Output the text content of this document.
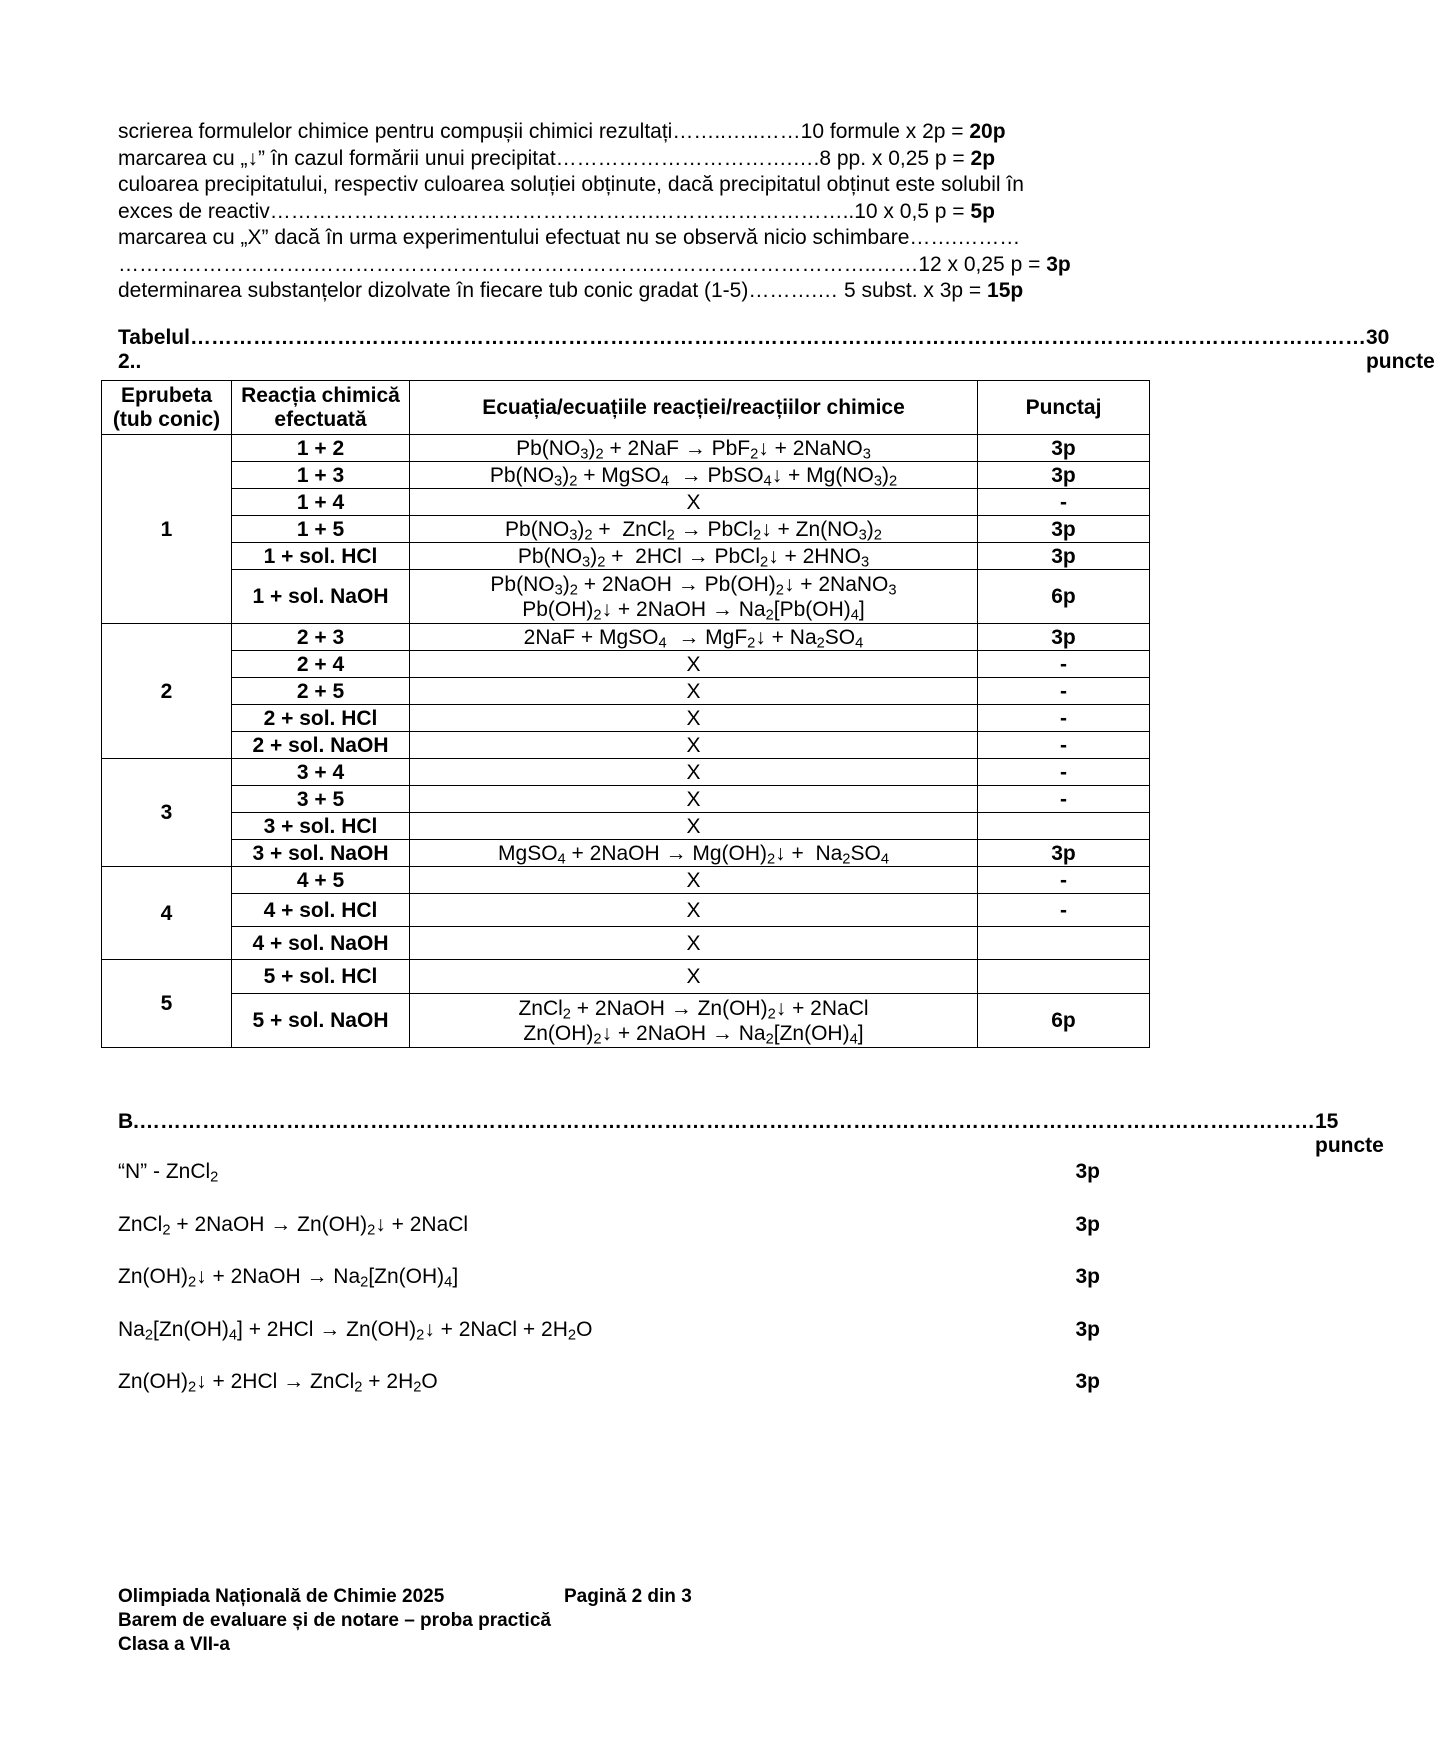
scrierea formulelor chimice pentru compușii chimici rezultați……..…..……10 formule x 2p = 20p
marcarea cu „↓” în cazul formării unui precipitat…………………………….….8 pp. x 0,25 p = 2p
culoarea precipitatului, respectiv culoarea soluției obținute, dacă precipitatul obținut este solubil în
exces de reactiv……………………………………………….………………………..10 x 0,5 p = 5p
marcarea cu „X” dacă în urma experimentului efectuat nu se observă nicio schimbare…….………
……………………….………………………………………….…………………………..……12 x 0,25 p = 3p
determinarea substanțelor dizolvate în fiecare tub conic gradat (1-5)……….… 5 subst. x 3p = 15p
Tabelul 2..
…………………………………………………………………………………………………………………………………………………… 30 puncte
Eprubeta (tub conic)	Reacția chimică efectuată	Ecuația/ecuațiile reacției/reacțiilor chimice	Punctaj
1	1 + 2	$Pb(NO_3)_2 + 2NaF$ → PbF$_2$↓ + 2NaNO$_3$	3p
	1 + 3	$Pb(NO_3)_2$ + MgSO$_4$  → PbSO$_4$↓ + $Mg(NO_3)_2$	3p
	1 + 4	X	-
	1 + 5	$Pb(NO_3)_2$ +  ZnCl$_2$ → PbCl$_2$↓ + $Zn(NO_3)_2$	3p
	1 + sol. HCl	$Pb(NO_3)_2 + 2HCl$ → PbCl$_2$↓ + $2HNO_3$	3p
	1 + sol. NaOH	$Pb(NO_3)_2$ + 2NaOH → $Pb(OH)_2↓$ + 2NaNO$_3$
$Pb(OH)_2↓$ + 2NaOH → $Na_2[Pb(OH)_4]$	6p
2	2 + 3	2NaF + MgSO$_4$  → MgF$_2$↓ + $Na_2SO_4$	3p
	2 + 4	X	-
	2 + 5	X	-
	2 + sol. HCl	X	-
	2 + sol. NaOH	X	-
3	3 + 4	X	-
	3 + 5	X	-
	3 + sol. HCl	X	
	3 + sol. NaOH	MgSO$_4$ + 2NaOH → $Mg(OH)_2↓ + Na_2SO_4$	3p
4	4 + 5	X	-
	4 + sol. HCl	X	-
	4 + sol. NaOH	X	
5	5 + sol. HCl	X	
	5 + sol. NaOH	ZnCl$_2$ + 2NaOH → $Zn(OH)_2↓$ + 2NaCl
$Zn(OH)_2↓$ + 2NaOH → $Na_2[Zn(OH)_4]$	6p
B. …………………………………………………………………………………………………………………………………………………… 15 puncte
“N” - ZnCl$_2$	3p
ZnCl$_2$ + 2NaOH → $Zn(OH)_2↓$ + 2NaCl	3p
$Zn(OH)_2↓$ + 2NaOH → $Na_2[Zn(OH)_4]$	3p
$Na_2[Zn(OH)_4] + 2HCl$ → $Zn(OH)_2↓$ + 2NaCl + $2H_2O$	3p
$Zn(OH)_2↓ + 2HCl$ → ZnCl$_2$ + $2H_2O$	3p
Olimpiada Națională de Chimie 2025	Pagină 2 din 3
Barem de evaluare și de notare – proba practică
Clasa a VII-a
